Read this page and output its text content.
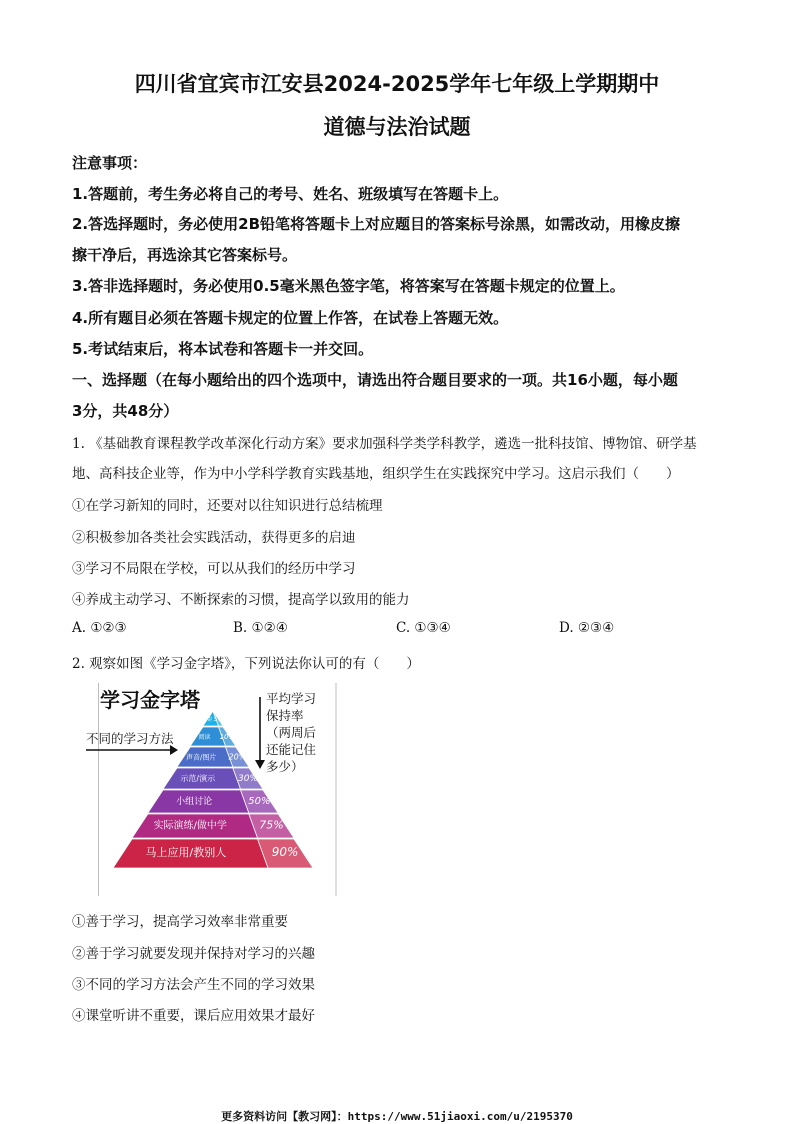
四川省宜宾市江安县2024-2025学年七年级上学期期中
道德与法治试题
注意事项：
1.答题前，考生务必将自己的考号、姓名、班级填写在答题卡上。
2.答选择题时，务必使用2B铅笔将答题卡上对应题目的答案标号涂黑，如需改动，用橡皮擦
擦干净后，再选涂其它答案标号。
3.答非选择题时，务必使用0.5毫米黑色签字笔，将答案写在答题卡规定的位置上。
4.所有题目必须在答题卡规定的位置上作答，在试卷上答题无效。
5.考试结束后，将本试卷和答题卡一并交回。
一、选择题（在每小题给出的四个选项中，请选出符合题目要求的一项。共16小题，每小题
3分，共48分）
1. 《基础教育课程教学改革深化行动方案》要求加强科学类学科教学，遴选一批科技馆、博物馆、研学基
地、高科技企业等，作为中小学科学教育实践基地，组织学生在实践探究中学习。这启示我们（　　）
①在学习新知的同时，还要对以往知识进行总结梳理
②积极参加各类社会实践活动，获得更多的启迪
③学习不局限在学校，可以从我们的经历中学习
④养成主动学习、不断探索的习惯，提高学以致用的能力
A. ①②③	B. ①②④	C. ①③④	D. ②③④
2. 观察如图《学习金字塔》，下列说法你认可的有（　　）
学习金字塔
不同的学习方法
平均学习
保持率
（两周后
还能记住
多少）
听讲 5%
阅读 10%
声音/图片 20%
示范/演示	30%
小组讨论	50%
实际演练/做中学	75%
马上应用/教别人	90%
①善于学习，提高学习效率非常重要
②善于学习就要发现并保持对学习的兴趣
③不同的学习方法会产生不同的学习效果
④课堂听讲不重要，课后应用效果才最好
更多资料访问【教习网】：https://www.51jiaoxi.com/u/2195370
